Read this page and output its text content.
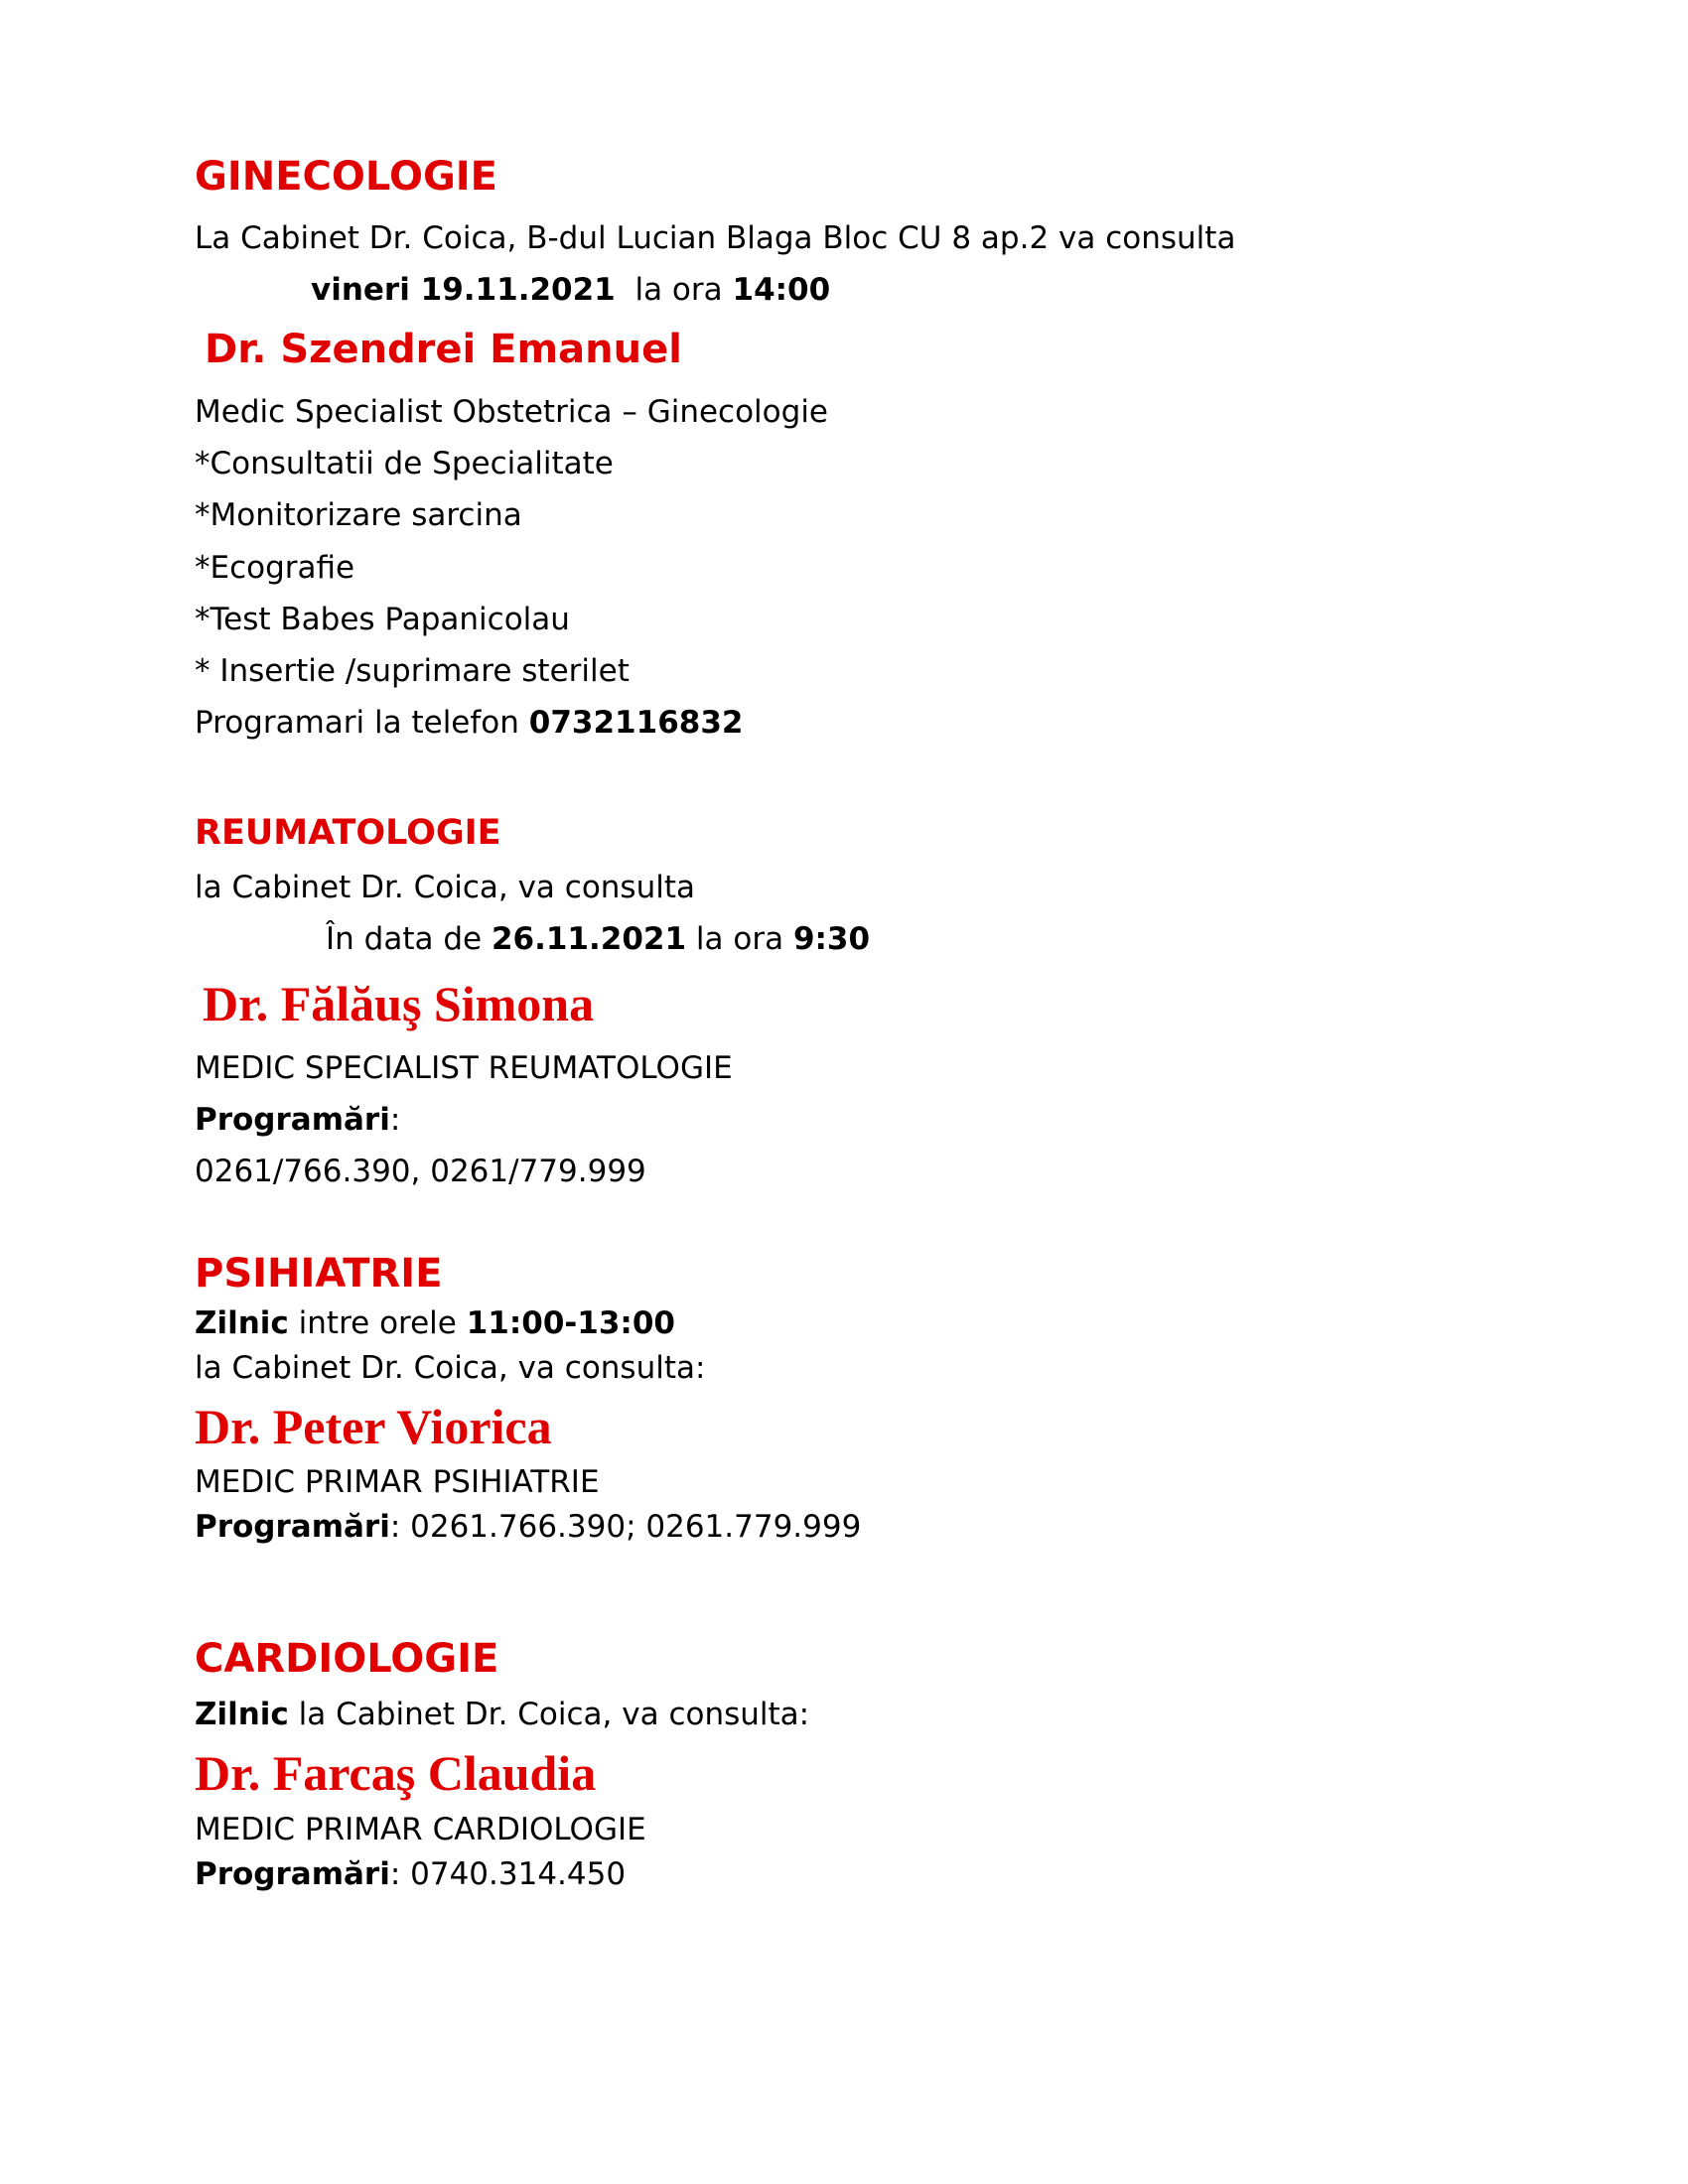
GINECOLOGIE
La Cabinet Dr. Coica, B-dul Lucian Blaga Bloc CU 8 ap.2 va consulta
vineri 19.11.2021 la ora 14:00
Dr. Szendrei Emanuel
Medic Specialist Obstetrica – Ginecologie
*Consultatii de Specialitate
*Monitorizare sarcina
*Ecografie
*Test Babes Papanicolau
* Insertie /suprimare sterilet
Programari la telefon 0732116832
REUMATOLOGIE
la Cabinet Dr. Coica, va consulta
În data de 26.11.2021 la ora 9:30
Dr. Fălăuş Simona
MEDIC SPECIALIST REUMATOLOGIE
Programări:
0261/766.390, 0261/779.999
PSIHIATRIE
Zilnic intre orele 11:00-13:00
la Cabinet Dr. Coica, va consulta:
Dr. Peter Viorica
MEDIC PRIMAR PSIHIATRIE
Programări: 0261.766.390; 0261.779.999
CARDIOLOGIE
Zilnic la Cabinet Dr. Coica, va consulta:
Dr. Farcaş Claudia
MEDIC PRIMAR CARDIOLOGIE
Programări: 0740.314.450
